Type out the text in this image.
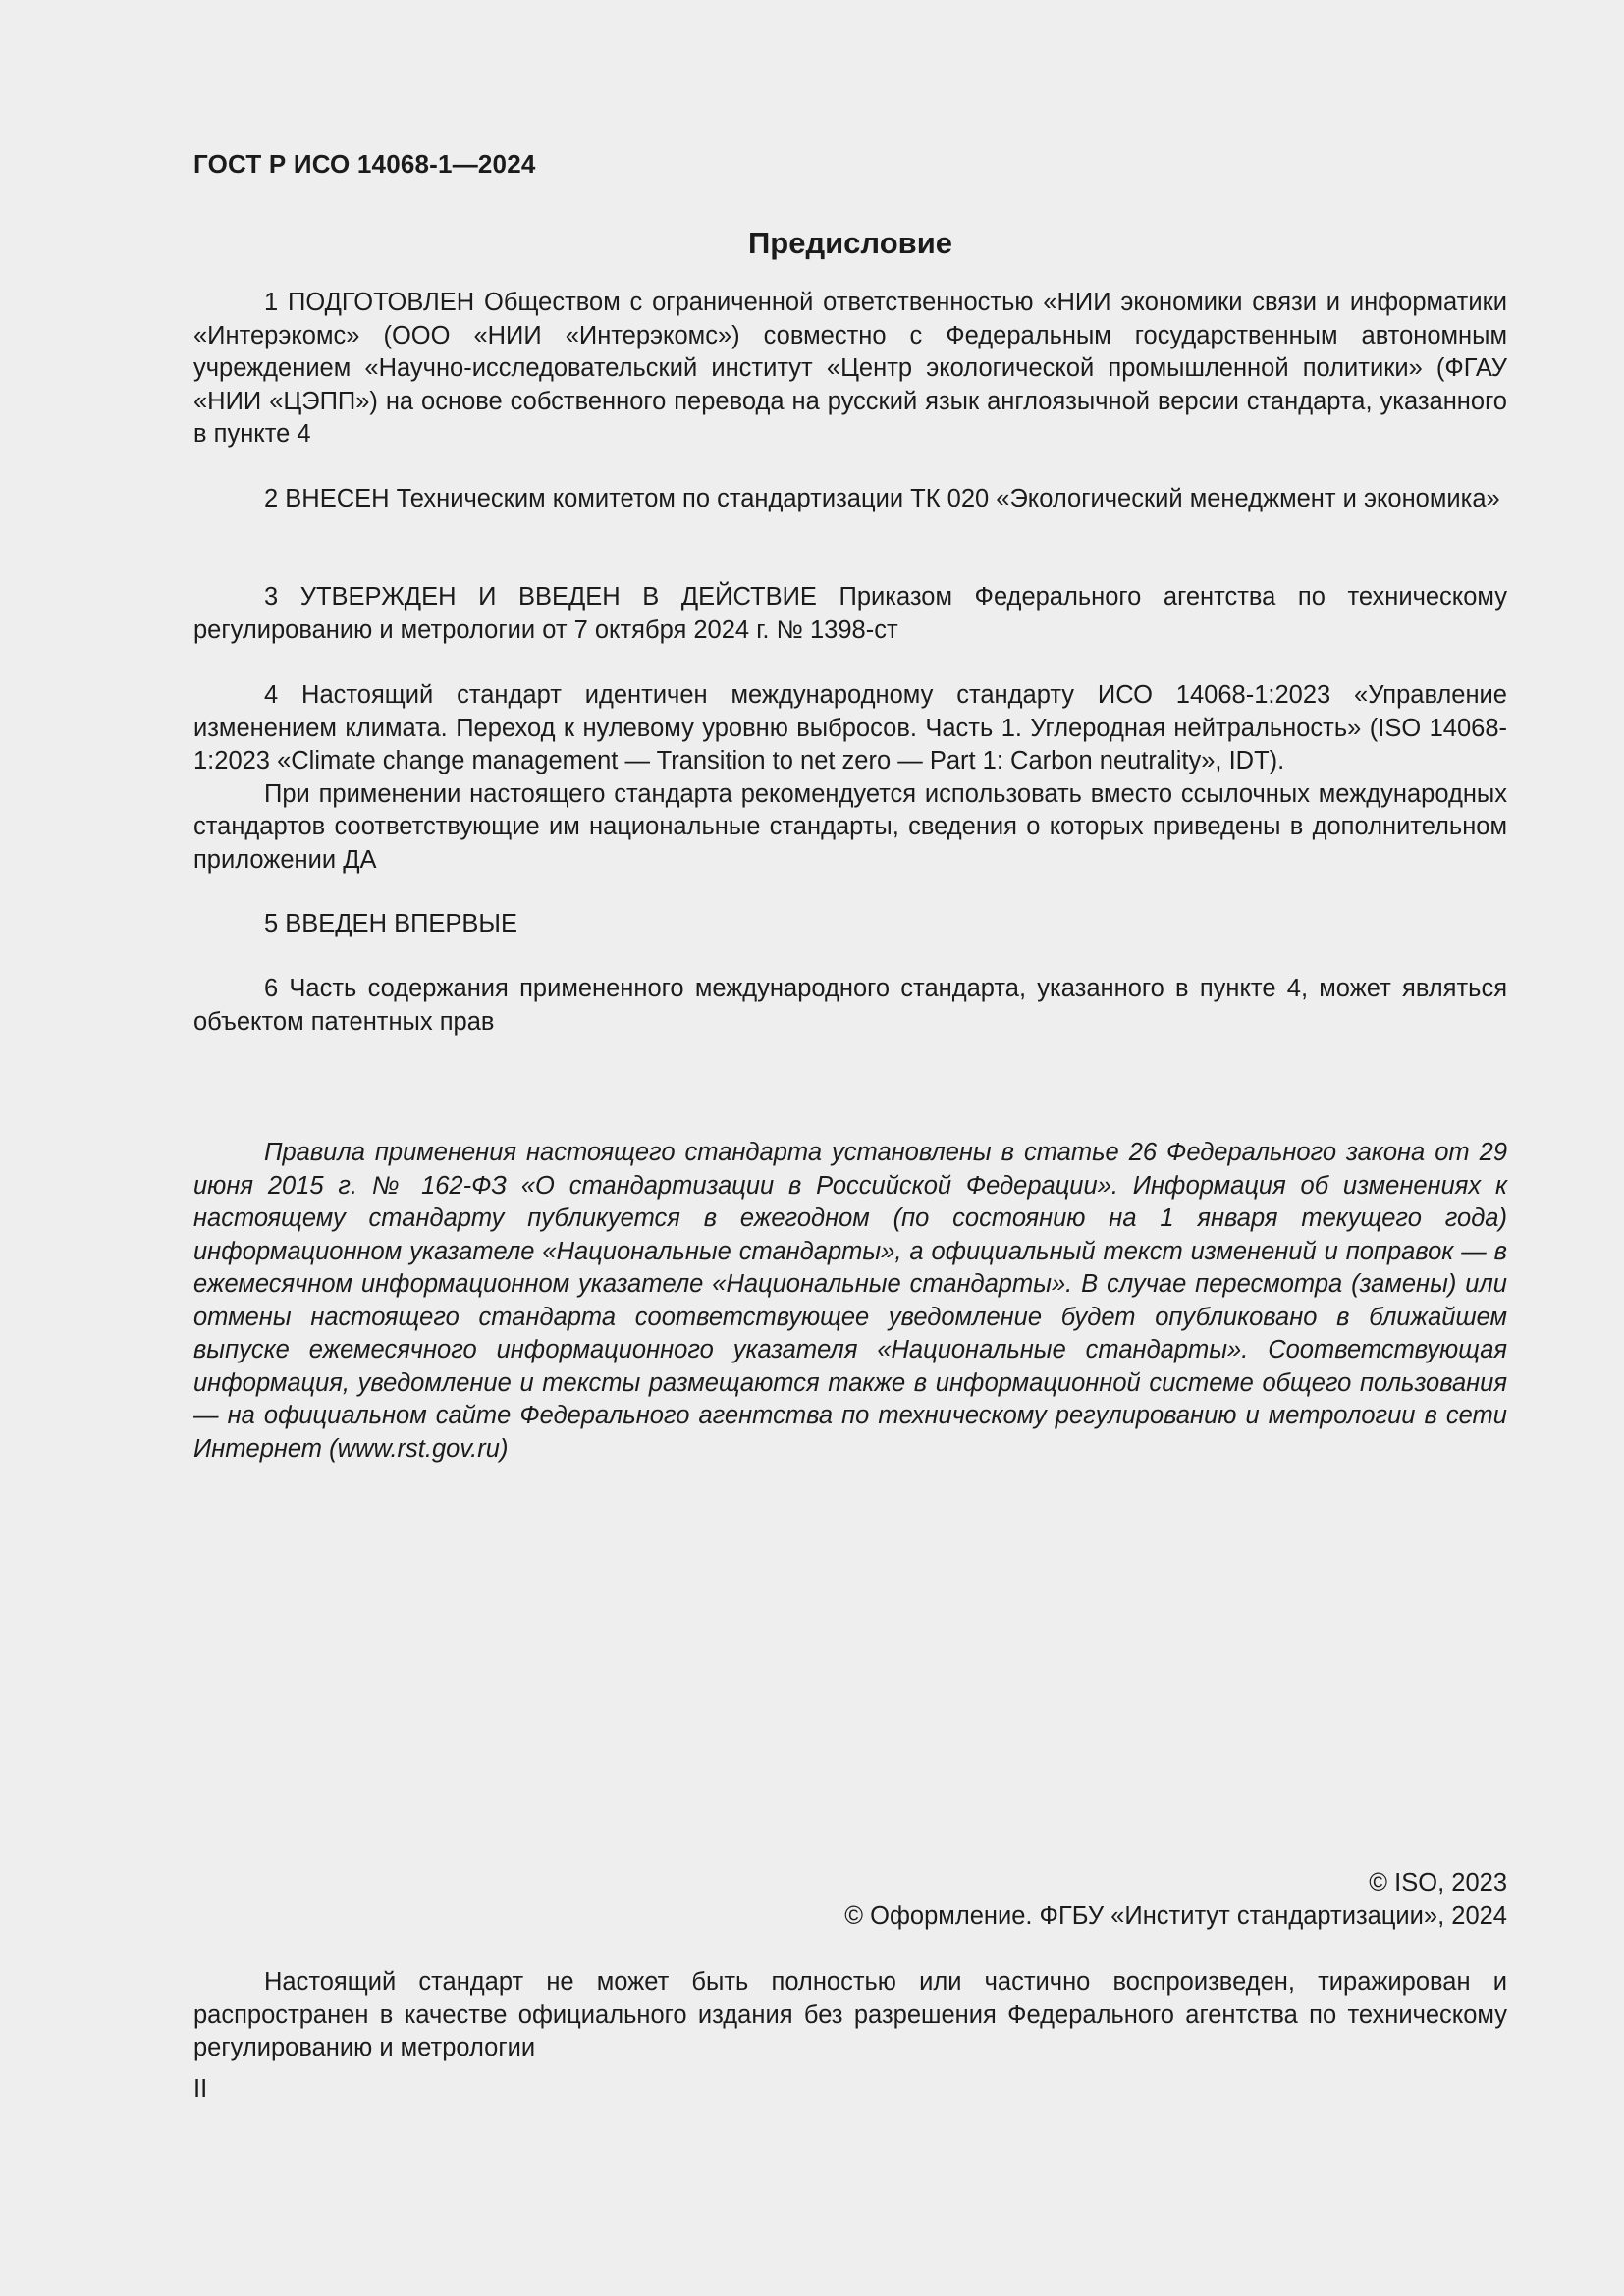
ГОСТ Р ИСО 14068-1—2024
Предисловие

1 ПОДГОТОВЛЕН Обществом с ограниченной ответственностью «НИИ экономики связи и информатики «Интерэкомс» (ООО «НИИ «Интерэкомс») совместно с Федеральным государственным автономным учреждением «Научно-исследовательский институт «Центр экологической промышленной политики» (ФГАУ «НИИ «ЦЭПП») на основе собственного перевода на русский язык англоязычной версии стандарта, указанного в пункте 4

2 ВНЕСЕН Техническим комитетом по стандартизации ТК 020 «Экологический менеджмент и экономика»

3 УТВЕРЖДЕН И ВВЕДЕН В ДЕЙСТВИЕ Приказом Федерального агентства по техническому регулированию и метрологии от 7 октября 2024 г. № 1398-ст

4 Настоящий стандарт идентичен международному стандарту ИСО 14068-1:2023 «Управление изменением климата. Переход к нулевому уровню выбросов. Часть 1. Углеродная нейтральность» (ISO 14068-1:2023 «Climate change management — Transition to net zero — Part 1: Carbon neutrality», IDT).

При применении настоящего стандарта рекомендуется использовать вместо ссылочных международных стандартов соответствующие им национальные стандарты, сведения о которых приведены в дополнительном приложении ДА

5 ВВЕДЕН ВПЕРВЫЕ

6 Часть содержания примененного международного стандарта, указанного в пункте 4, может являться объектом патентных прав

Правила применения настоящего стандарта установлены в статье 26 Федерального закона от 29 июня 2015 г. № 162-ФЗ «О стандартизации в Российской Федерации». Информация об изменениях к настоящему стандарту публикуется в ежегодном (по состоянию на 1 января текущего года) информационном указателе «Национальные стандарты», а официальный текст изменений и поправок — в ежемесячном информационном указателе «Национальные стандарты». В случае пересмотра (замены) или отмены настоящего стандарта соответствующее уведомление будет опубликовано в ближайшем выпуске ежемесячного информационного указателя «Национальные стандарты». Соответствующая информация, уведомление и тексты размещаются также в информационной системе общего пользования — на официальном сайте Федерального агентства по техническому регулированию и метрологии в сети Интернет (www.rst.gov.ru)

© ISO, 2023
© Оформление. ФГБУ «Институт стандартизации», 2024

Настоящий стандарт не может быть полностью или частично воспроизведен, тиражирован и распространен в качестве официального издания без разрешения Федерального агентства по техническому регулированию и метрологии

II
